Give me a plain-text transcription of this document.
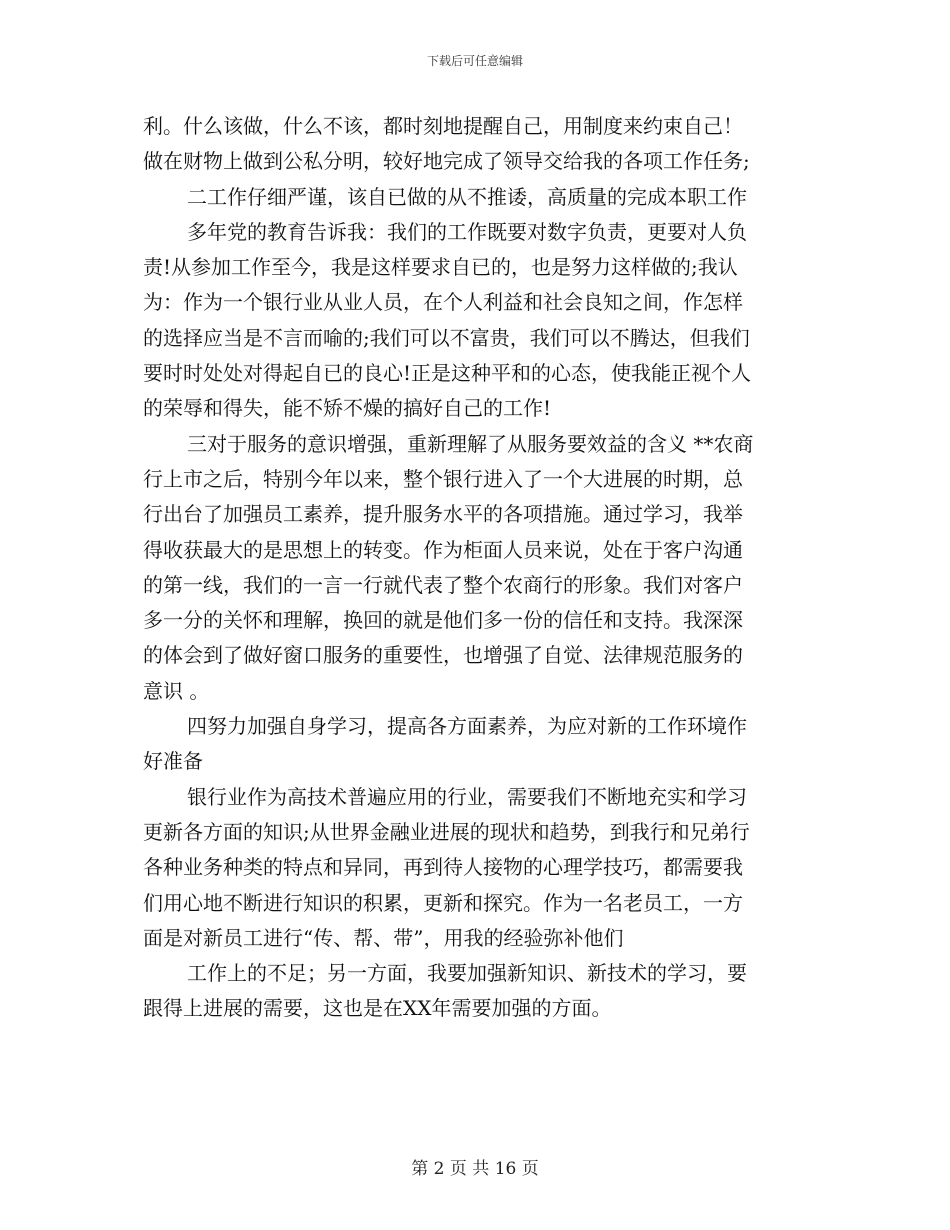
下载后可任意编辑
利。什么该做，什么不该，都时刻地提醒自己，用制度来约束自己！
做在财物上做到公私分明，较好地完成了领导交给我的各项工作任务;
二工作仔细严谨，该自已做的从不推诿，高质量的完成本职工作
多年党的教育告诉我：我们的工作既要对数字负责，更要对人负
责!从参加工作至今，我是这样要求自已的，也是努力这样做的;我认
为：作为一个银行业从业人员，在个人利益和社会良知之间，作怎样
的选择应当是不言而喻的;我们可以不富贵，我们可以不腾达，但我们
要时时处处对得起自已的良心!正是这种平和的心态，使我能正视个人
的荣辱和得失，能不矫不燥的搞好自己的工作!
三对于服务的意识增强，重新理解了从服务要效益的含义 **农商
行上市之后，特别今年以来，整个银行进入了一个大进展的时期，总
行出台了加强员工素养，提升服务水平的各项措施。通过学习，我举
得收获最大的是思想上的转变。作为柜面人员来说，处在于客户沟通
的第一线，我们的一言一行就代表了整个农商行的形象。我们对客户
多一分的关怀和理解，换回的就是他们多一份的信任和支持。我深深
的体会到了做好窗口服务的重要性，也增强了自觉、法律规范服务的
意识 。
四努力加强自身学习，提高各方面素养，为应对新的工作环境作
好准备
银行业作为高技术普遍应用的行业，需要我们不断地充实和学习
更新各方面的知识;从世界金融业进展的现状和趋势，到我行和兄弟行
各种业务种类的特点和异同，再到待人接物的心理学技巧，都需要我
们用心地不断进行知识的积累，更新和探究。作为一名老员工，一方
面是对新员工进行“传、帮、带”，用我的经验弥补他们
工作上的不足；另一方面，我要加强新知识、新技术的学习，要
跟得上进展的需要，这也是在XX年需要加强的方面。
第 2 页 共 16 页
